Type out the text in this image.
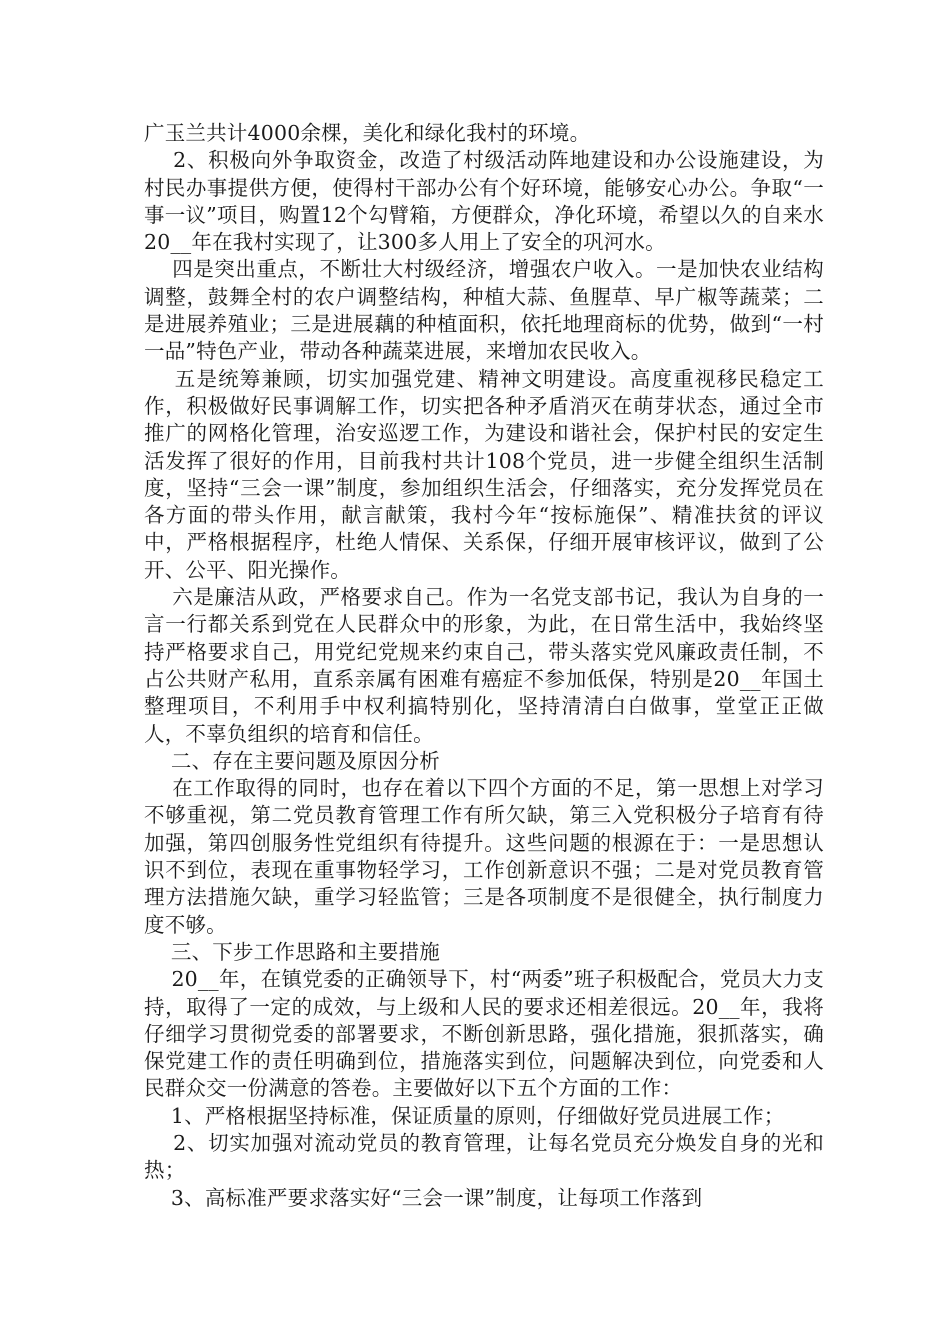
广玉兰共计4000余棵，美化和绿化我村的环境。

2、积极向外争取资金，改造了村级活动阵地建设和办公设施建设，为村民办事提供方便，使得村干部办公有个好环境，能够安心办公。争取“一事一议”项目，购置12个勾臂箱，方便群众，净化环境，希望以久的自来水20__年在我村实现了，让300多人用上了安全的巩河水。

四是突出重点，不断壮大村级经济，增强农户收入。一是加快农业结构调整，鼓舞全村的农户调整结构，种植大蒜、鱼腥草、早广椒等蔬菜；二是进展养殖业；三是进展藕的种植面积，依托地理商标的优势，做到“一村一品”特色产业，带动各种蔬菜进展，来增加农民收入。

五是统筹兼顾，切实加强党建、精神文明建设。高度重视移民稳定工作，积极做好民事调解工作，切实把各种矛盾消灭在萌芽状态，通过全市推广的网格化管理，治安巡逻工作，为建设和谐社会，保护村民的安定生活发挥了很好的作用，目前我村共计108个党员，进一步健全组织生活制度，坚持“三会一课”制度，参加组织生活会，仔细落实，充分发挥党员在各方面的带头作用，献言献策，我村今年“按标施保”、精准扶贫的评议中，严格根据程序，杜绝人情保、关系保，仔细开展审核评议，做到了公开、公平、阳光操作。

六是廉洁从政，严格要求自己。作为一名党支部书记，我认为自身的一言一行都关系到党在人民群众中的形象，为此，在日常生活中，我始终坚持严格要求自己，用党纪党规来约束自己，带头落实党风廉政责任制，不占公共财产私用，直系亲属有困难有癌症不参加低保，特别是20__年国土整理项目，不利用手中权利搞特别化，坚持清清白白做事，堂堂正正做人，不辜负组织的培育和信任。

二、存在主要问题及原因分析

在工作取得的同时，也存在着以下四个方面的不足，第一思想上对学习不够重视，第二党员教育管理工作有所欠缺，第三入党积极分子培育有待加强，第四创服务性党组织有待提升。这些问题的根源在于：一是思想认识不到位，表现在重事物轻学习，工作创新意识不强；二是对党员教育管理方法措施欠缺，重学习轻监管；三是各项制度不是很健全，执行制度力度不够。

三、下步工作思路和主要措施

20__年，在镇党委的正确领导下，村“两委”班子积极配合，党员大力支持，取得了一定的成效，与上级和人民的要求还相差很远。20__年，我将仔细学习贯彻党委的部署要求，不断创新思路，强化措施，狠抓落实，确保党建工作的责任明确到位，措施落实到位，问题解决到位，向党委和人民群众交一份满意的答卷。主要做好以下五个方面的工作：

1、严格根据坚持标准，保证质量的原则，仔细做好党员进展工作；

2、切实加强对流动党员的教育管理，让每名党员充分焕发自身的光和热；

3、高标准严要求落实好“三会一课”制度，让每项工作落到
